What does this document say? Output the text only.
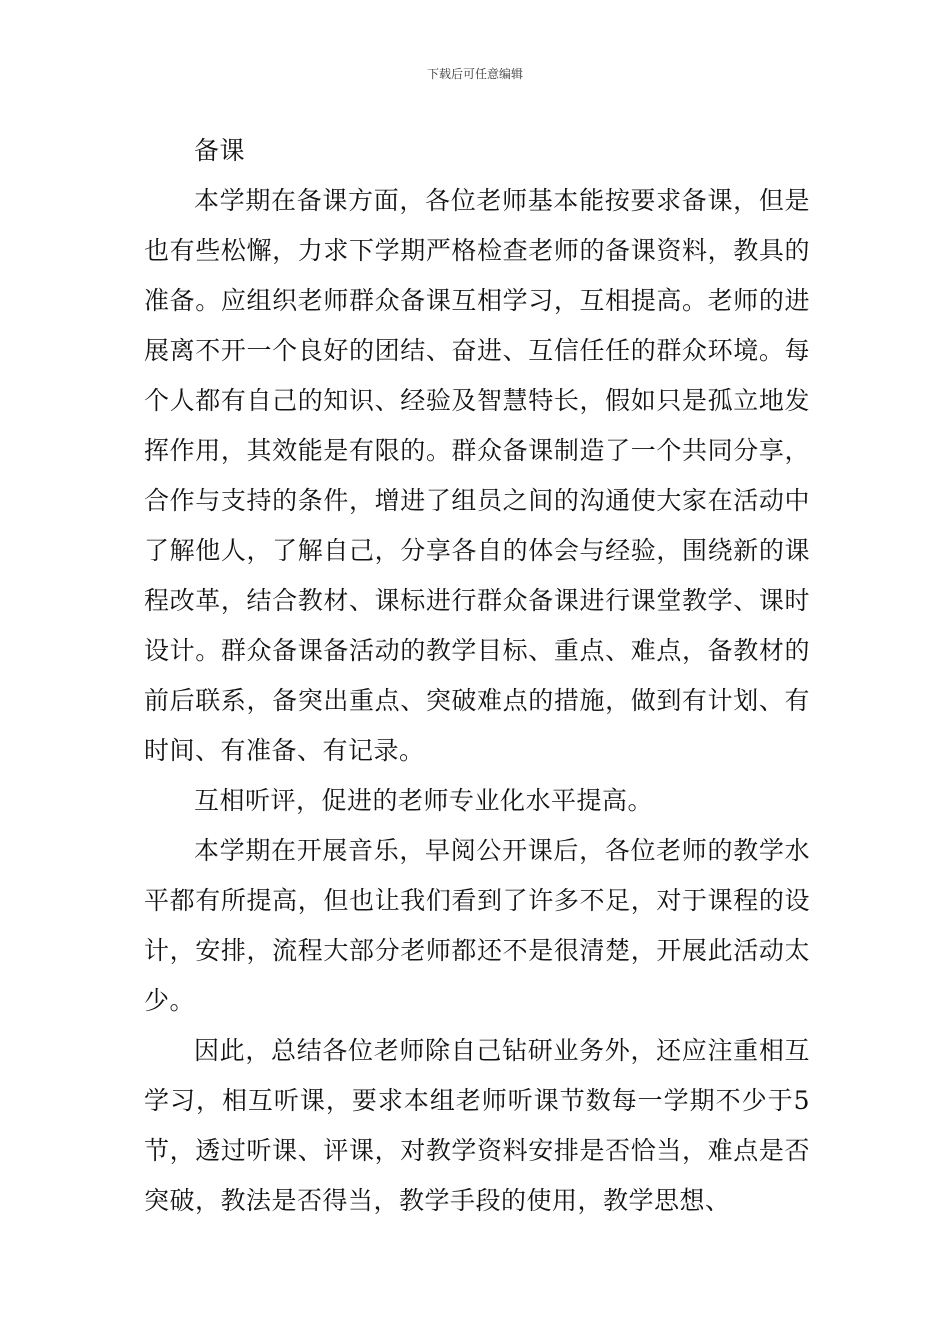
下载后可任意编辑

备课

本学期在备课方面，各位老师基本能按要求备课，但是也有些松懈，力求下学期严格检查老师的备课资料，教具的准备。应组织老师群众备课互相学习，互相提高。老师的进展离不开一个良好的团结、奋进、互信任任的群众环境。每个人都有自己的知识、经验及智慧特长，假如只是孤立地发挥作用，其效能是有限的。群众备课制造了一个共同分享，合作与支持的条件，增进了组员之间的沟通使大家在活动中了解他人，了解自己，分享各自的体会与经验，围绕新的课程改革，结合教材、课标进行群众备课进行课堂教学、课时设计。群众备课备活动的教学目标、重点、难点，备教材的前后联系，备突出重点、突破难点的措施，做到有计划、有时间、有准备、有记录。

互相听评，促进的老师专业化水平提高。

本学期在开展音乐，早阅公开课后，各位老师的教学水平都有所提高，但也让我们看到了许多不足，对于课程的设计，安排，流程大部分老师都还不是很清楚，开展此活动太少。

因此，总结各位老师除自己钻研业务外，还应注重相互学习，相互听课，要求本组老师听课节数每一学期不少于5节，透过听课、评课，对教学资料安排是否恰当，难点是否突破，教法是否得当，教学手段的使用，教学思想、
